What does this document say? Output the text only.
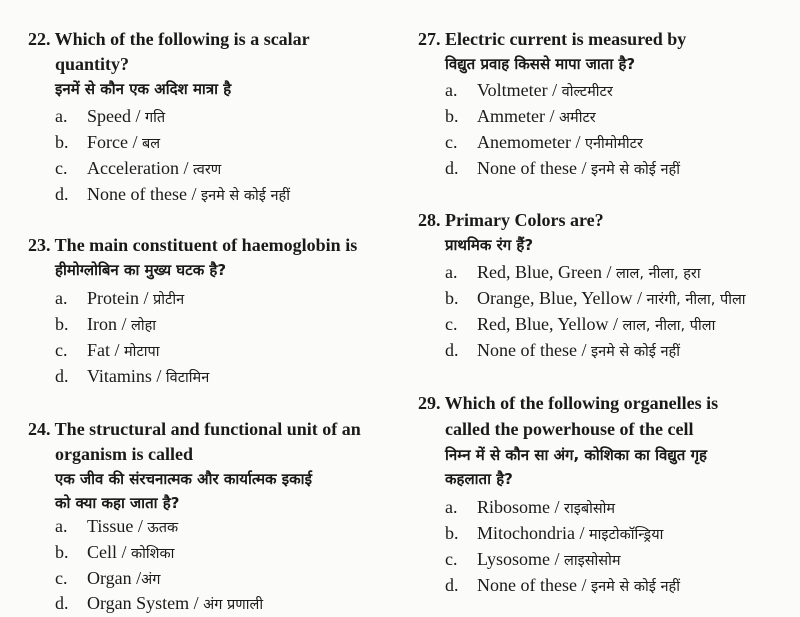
22. Which of the following is a scalar
quantity?
इनमें से कौन एक अदिश मात्रा है
a. Speed / गति
b. Force / बल
c. Acceleration / त्वरण
d. None of these / इनमे से कोई नहीं
23. The main constituent of haemoglobin is
हीमोग्लोबिन का मुख्य घटक है?
a. Protein / प्रोटीन
b. Iron / लोहा
c. Fat / मोटापा
d. Vitamins / विटामिन
24. The structural and functional unit of an
organism is called
एक जीव की संरचनात्मक और कार्यात्मक इकाई
को क्या कहा जाता है?
a. Tissue / ऊतक
b. Cell / कोशिका
c. Organ /अंग
d. Organ System / अंग प्रणाली
27. Electric current is measured by
विद्युत प्रवाह किससे मापा जाता है?
a. Voltmeter / वोल्टमीटर
b. Ammeter / अमीटर
c. Anemometer / एनीमोमीटर
d. None of these / इनमे से कोई नहीं
28. Primary Colors are?
प्राथमिक रंग हैं?
a. Red, Blue, Green / लाल, नीला, हरा
b. Orange, Blue, Yellow / नारंगी, नीला, पीला
c. Red, Blue, Yellow / लाल, नीला, पीला
d. None of these / इनमे से कोई नहीं
29. Which of the following organelles is
called the powerhouse of the cell
निम्न में से कौन सा अंग, कोशिका का विद्युत गृह
कहलाता है?
a. Ribosome / राइबोसोम
b. Mitochondria / माइटोकॉन्ड्रिया
c. Lysosome / लाइसोसोम
d. None of these / इनमे से कोई नहीं
